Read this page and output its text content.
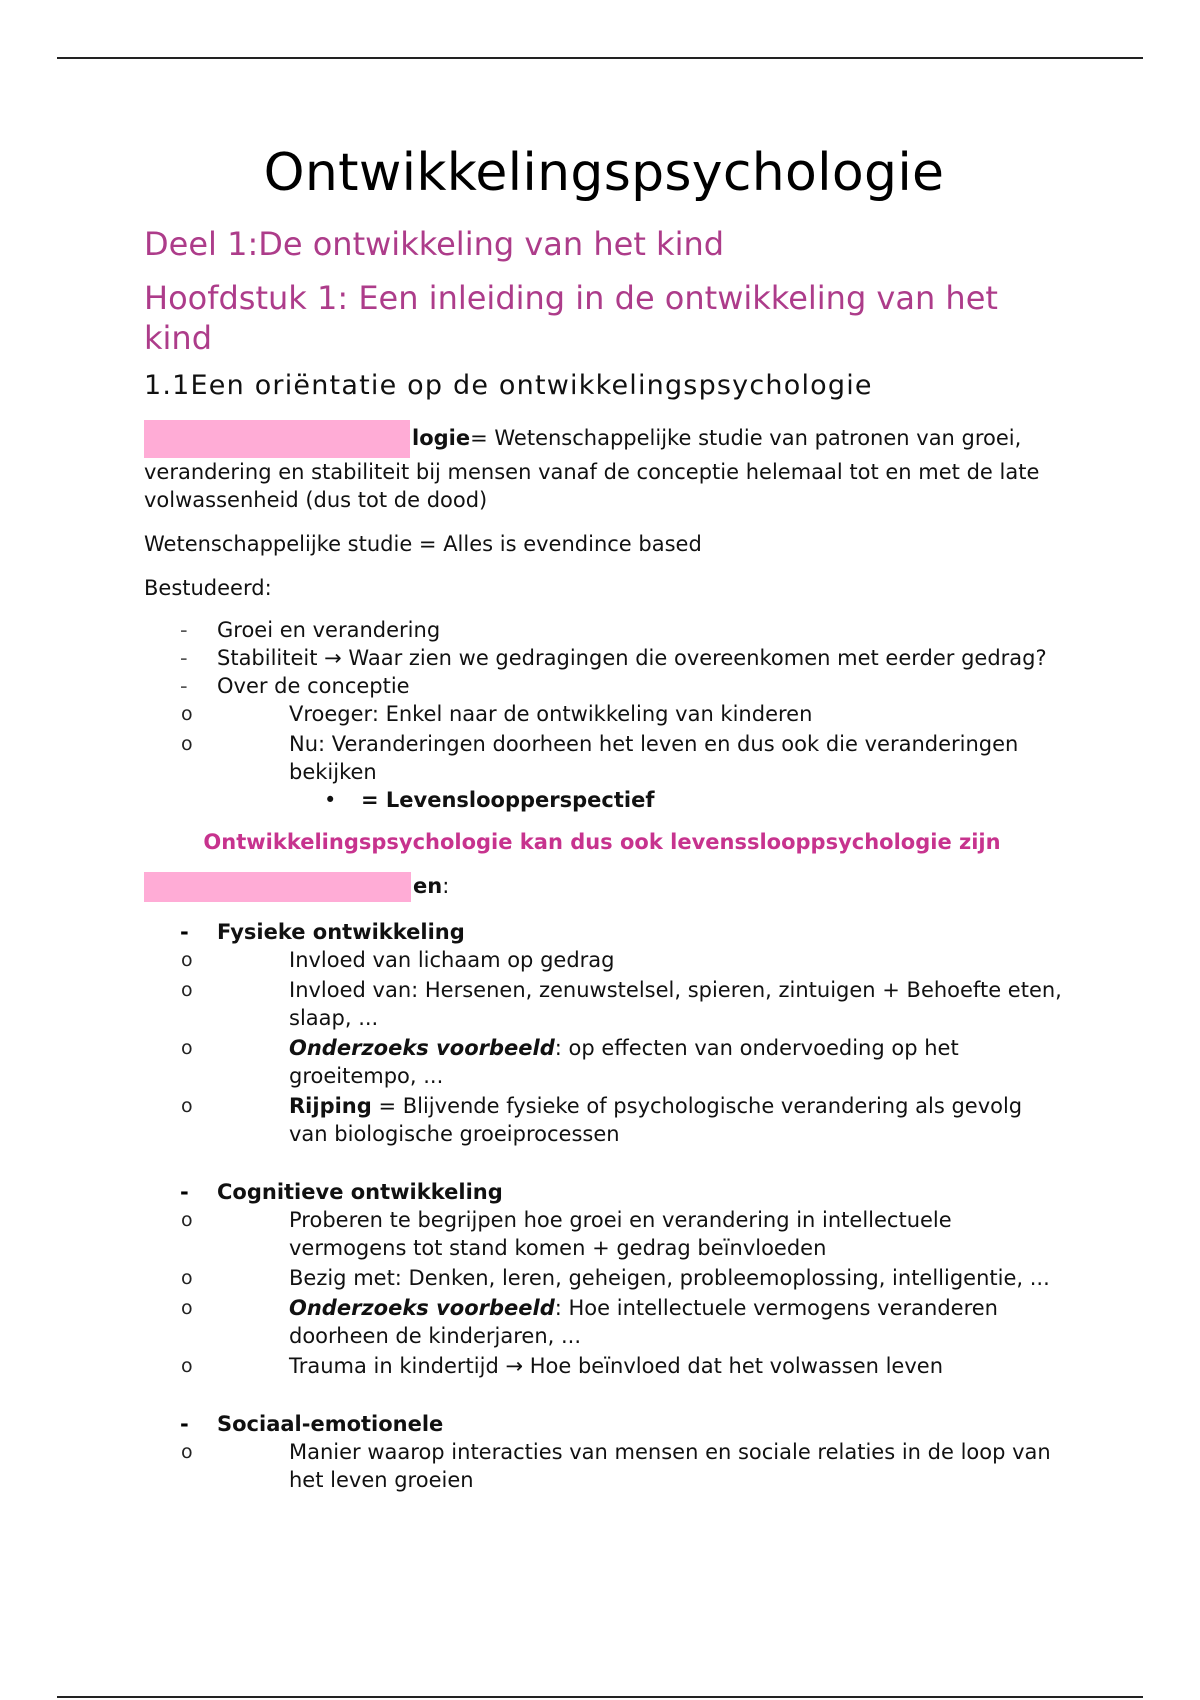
Ontwikkelingspsychologie
Deel 1:De ontwikkeling van het kind
Hoofdstuk 1: Een inleiding in de ontwikkeling van het kind
1.1Een oriëntatie op de ontwikkelingspsychologie

logie= Wetenschappelijke studie van patronen van groei, verandering en stabiliteit bij mensen vanaf de conceptie helemaal tot en met de late volwassenheid (dus tot de dood)

Wetenschappelijke studie = Alles is evendince based

Bestudeerd:

- Groei en verandering
- Stabiliteit → Waar zien we gedragingen die overeenkomen met eerder gedrag?
- Over de conceptie
o	Vroeger: Enkel naar de ontwikkeling van kinderen
o	Nu: Veranderingen doorheen het leven en dus ook die veranderingen bekijken
• = Levensloopperspectief

Ontwikkelingspsychologie kan dus ook levensslooppsychologie zijn

en:

- Fysieke ontwikkeling
o	Invloed van lichaam op gedrag
o	Invloed van: Hersenen, zenuwstelsel, spieren, zintuigen + Behoefte eten, slaap, ...
o	Onderzoeks voorbeeld: op effecten van ondervoeding op het groeitempo, ...
o	Rijping = Blijvende fysieke of psychologische verandering als gevolg van biologische groeiprocessen
- Cognitieve ontwikkeling
o	Proberen te begrijpen hoe groei en verandering in intellectuele vermogens tot stand komen + gedrag beïnvloeden
o	Bezig met: Denken, leren, geheigen, probleemoplossing, intelligentie, ...
o	Onderzoeks voorbeeld: Hoe intellectuele vermogens veranderen doorheen de kinderjaren, ...
o	Trauma in kindertijd → Hoe beïnvloed dat het volwassen leven
- Sociaal-emotionele
o	Manier waarop interacties van mensen en sociale relaties in de loop van het leven groeien
